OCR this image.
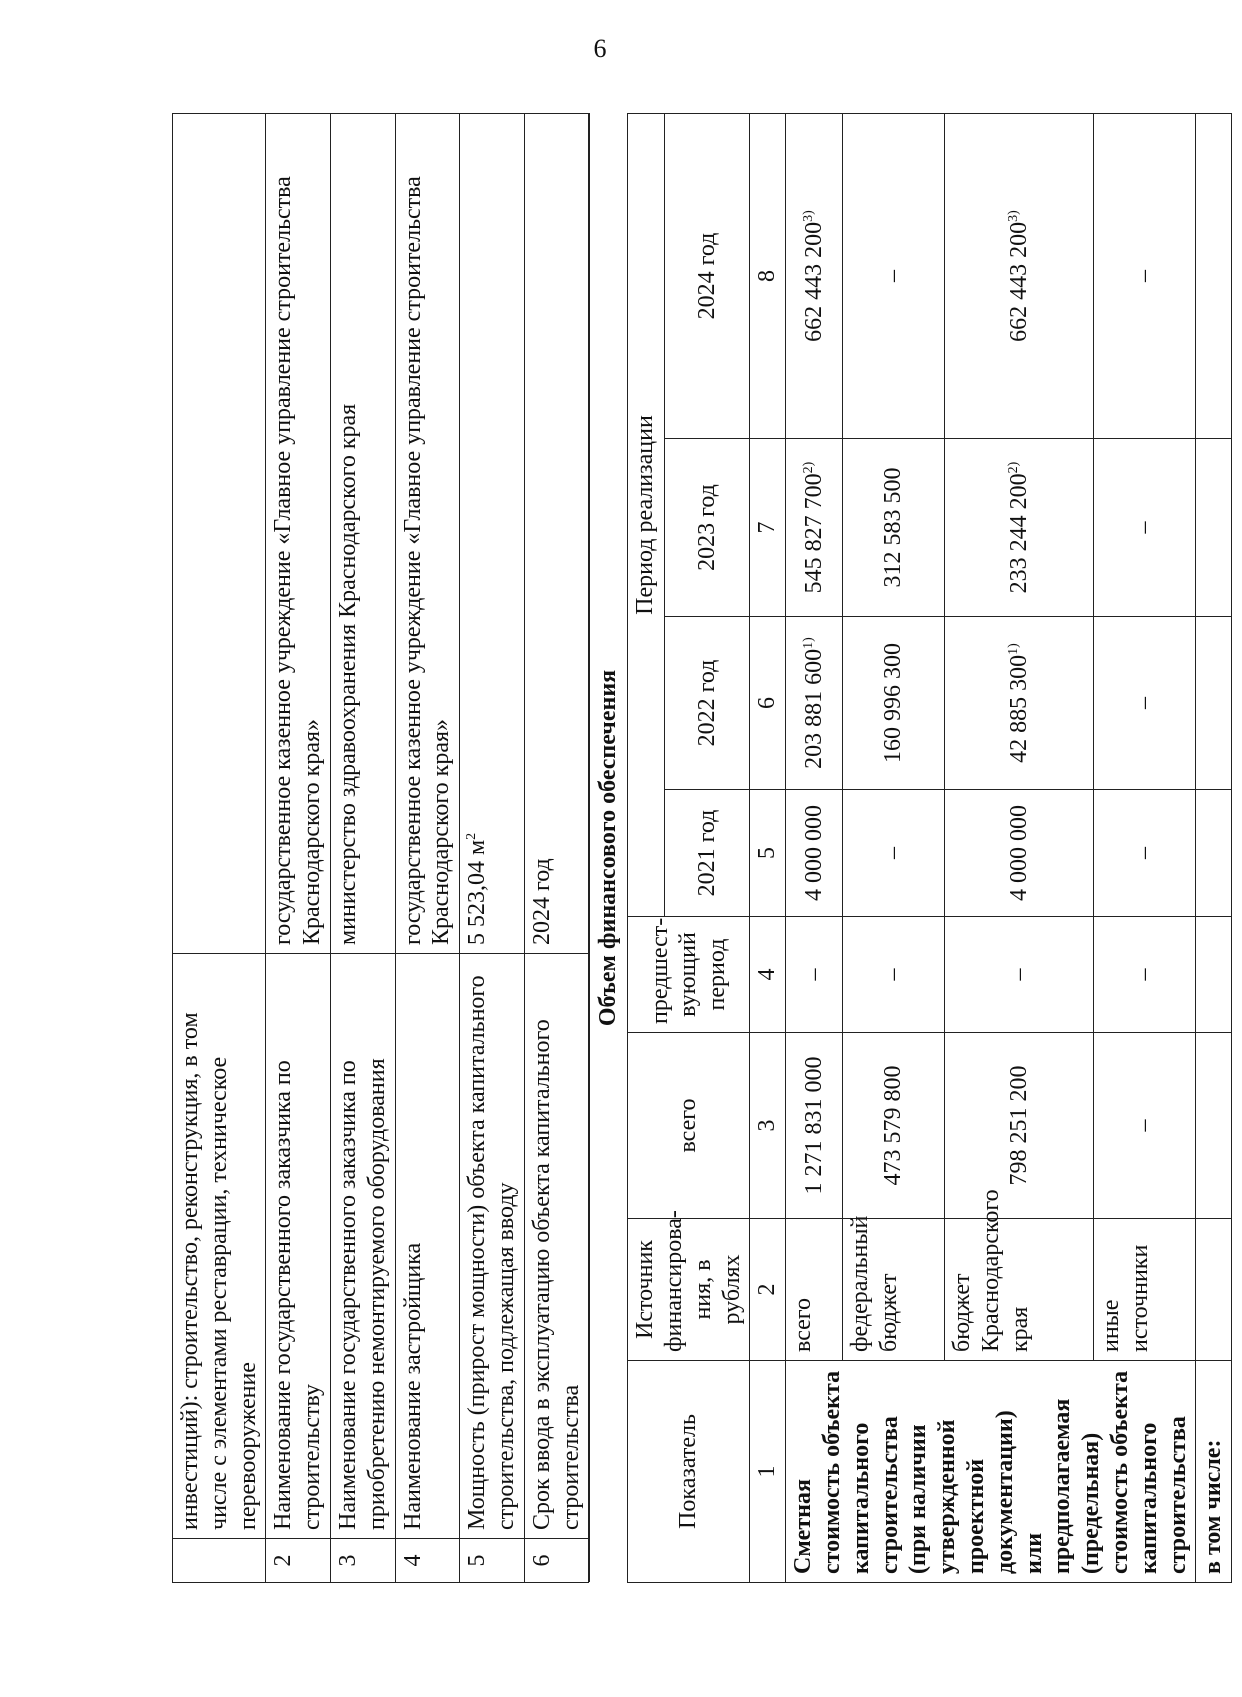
6
	инвестиций): строительство, реконструкция, в том числе с элементами реставрации, техническое перевооружение	
2	Наименование государственного заказчика по строительству	государственное казенное учреждение «Главное управление строительства Краснодарского края»
3	Наименование государственного заказчика по приобретению немонтируемого оборудования	министерство здравоохранения Краснодарского края
4	Наименование застройщика	государственное казенное учреждение «Главное управление строительства Краснодарского края»
5	Мощность (прирост мощности) объекта капитального строительства, подлежащая вводу	5 523,04 $м^2$
6	Срок ввода в эксплуатацию объекта капитального строительства	2024 год Объем финансового обеспечения							
Показатель	Источник финансирова-ния, в рублях	всего	предшест-вующий период	Период реализации			
				2021 год	2022 год	2023 год	2024 год
1	2	3	4	5	6	7	8
Сметная стоимость объекта капитального строительства (при наличии утвержденной проектной документации) или предполагаемая (предельная) стоимость объекта капитального строительства	всего	1 271 831 000	–	4 000 000	203 881 600$^{1)}$	545 827 700$^{2)}$	662 443 200$^{3)}$
	федеральный бюджет	473 579 800	–	–	160 996 300	312 583 500	–
	бюджет Краснодарского края	798 251 200	–	4 000 000	42 885 300$^{1)}$	233 244 200$^{2)}$	662 443 200$^{3)}$
	иные источники	–	–	–	–	–	–
в том числе:							
